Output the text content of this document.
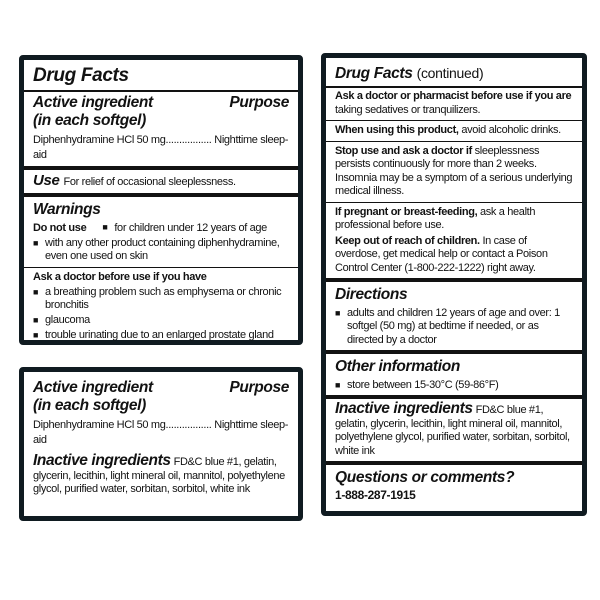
Drug Facts
Active ingredient
(in each softgel)
Purpose
Diphenhydramine HCl 50 mg................. Nighttime sleep-aid
Use For relief of occasional sleeplessness.
Warnings
Do not use ■ for children under 12 years of age
■ with any other product containing diphenhydramine, even one used on skin
Ask a doctor before use if you have
■ a breathing problem such as emphysema or chronic bronchitis
■ glaucoma
■ trouble urinating due to an enlarged prostate gland
Active ingredient
(in each softgel)
Purpose
Diphenhydramine HCl 50 mg................. Nighttime sleep-aid
Inactive ingredients FD&C blue #1, gelatin, glycerin, lecithin, light mineral oil, mannitol, polyethylene glycol, purified water, sorbitan, sorbitol, white ink
Drug Facts (continued)
Ask a doctor or pharmacist before use if you are taking sedatives or tranquilizers.
When using this product, avoid alcoholic drinks.
Stop use and ask a doctor if sleeplessness persists continuously for more than 2 weeks. Insomnia may be a symptom of a serious underlying medical illness.
If pregnant or breast-feeding, ask a health professional before use.
Keep out of reach of children. In case of overdose, get medical help or contact a Poison Control Center (1-800-222-1222) right away.
Directions
■ adults and children 12 years of age and over: 1 softgel (50 mg) at bedtime if needed, or as directed by a doctor
Other information
■ store between 15-30°C (59-86°F)
Inactive ingredients FD&C blue #1, gelatin, glycerin, lecithin, light mineral oil, mannitol, polyethylene glycol, purified water, sorbitan, sorbitol, white ink
Questions or comments?
1-888-287-1915
